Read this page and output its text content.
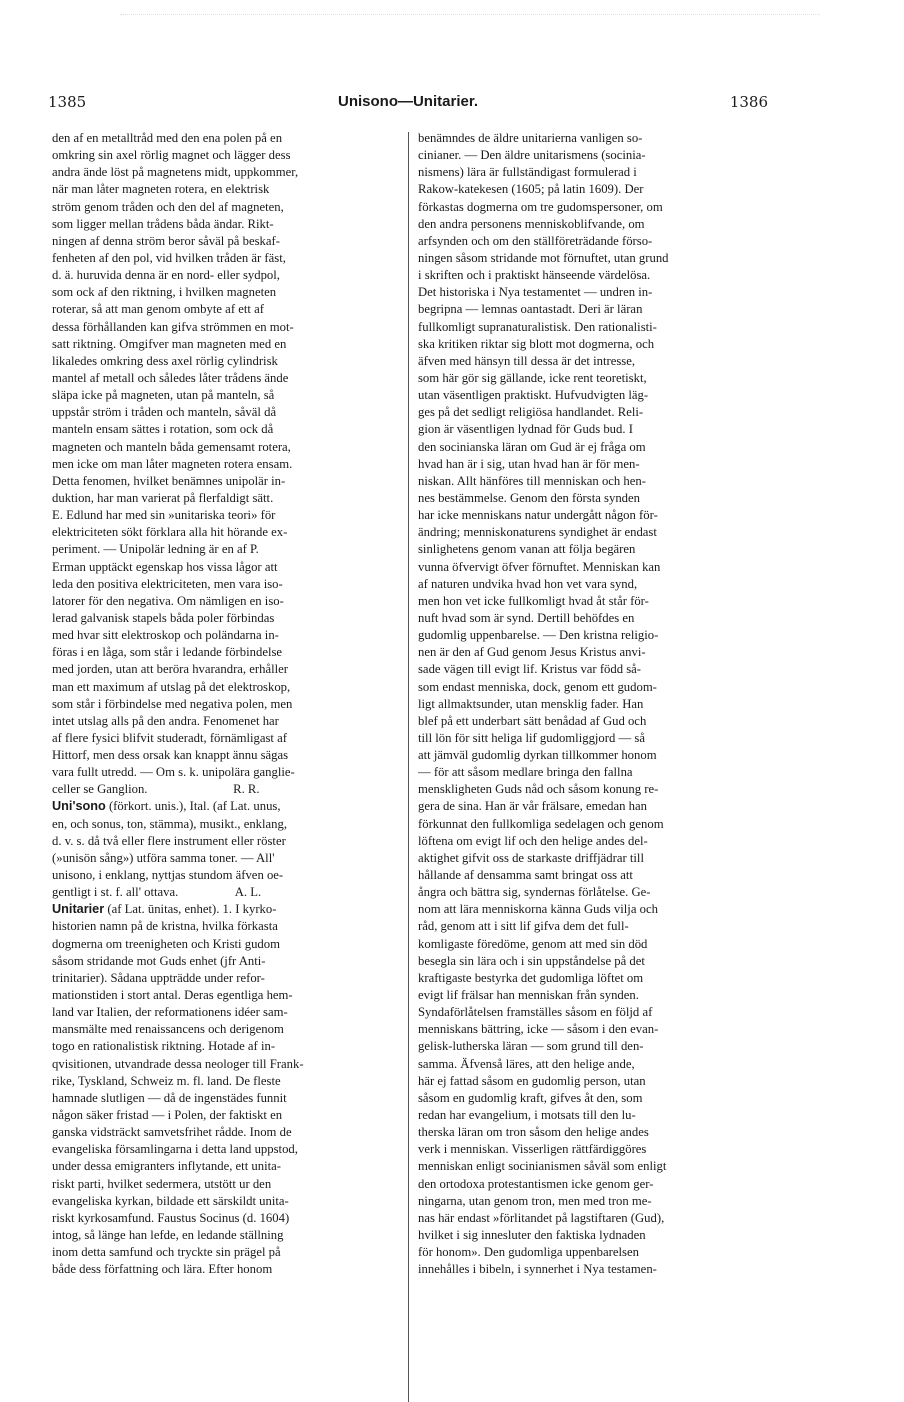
1385	Unisono—Unitarier.	1386
den af en metalltråd med den ena polen på en
omkring sin axel rörlig magnet och lägger dess
andra ände löst på magnetens midt, uppkommer,
när man låter magneten rotera, en elektrisk
ström genom tråden och den del af magneten,
som ligger mellan trådens båda ändar. Rikt-
ningen af denna ström beror såväl på beskaf-
fenheten af den pol, vid hvilken tråden är fäst,
d. ä. huruvida denna är en nord- eller sydpol,
som ock af den riktning, i hvilken magneten
roterar, så att man genom ombyte af ett af
dessa förhållanden kan gifva strömmen en mot-
satt riktning. Omgifver man magneten med en
likaledes omkring dess axel rörlig cylindrisk
mantel af metall och således låter trådens ände
släpa icke på magneten, utan på manteln, så
uppstår ström i tråden och manteln, såväl då
manteln ensam sättes i rotation, som ock då
magneten och manteln båda gemensamt rotera,
men icke om man låter magneten rotera ensam.
Detta fenomen, hvilket benämnes unipolär in-
duktion, har man varierat på flerfaldigt sätt.
E. Edlund har med sin »unitariska teori» för
elektriciteten sökt förklara alla hit hörande ex-
periment. — Unipolär ledning är en af P.
Erman upptäckt egenskap hos vissa lågor att
leda den positiva elektriciteten, men vara iso-
latorer för den negativa. Om nämligen en iso-
lerad galvanisk stapels båda poler förbindas
med hvar sitt elektroskop och poländarna in-
föras i en låga, som står i ledande förbindelse
med jorden, utan att beröra hvarandra, erhåller
man ett maximum af utslag på det elektroskop,
som står i förbindelse med negativa polen, men
intet utslag alls på den andra. Fenomenet har
af flere fysici blifvit studeradt, förnämligast af
Hittorf, men dess orsak kan knappt ännu sägas
vara fullt utredd. — Om s. k. unipolära ganglie-
celler se Ganglion.                           R. R.
Uni'sono (förkort. unis.), Ital. (af Lat. unus,
en, och sonus, ton, stämma), musikt., enklang,
d. v. s. då två eller flere instrument eller röster
(»unisön sång») utföra samma toner. — All'
unisono, i enklang, nyttjas stundom äfven oe-
gentligt i st. f. all' ottava.                  A. L.
Unitarier (af Lat. ūnitas, enhet). 1. I kyrko-
historien namn på de kristna, hvilka förkasta
dogmerna om treenigheten och Kristi gudom
såsom stridande mot Guds enhet (jfr Anti-
trinitarier). Sådana uppträdde under refor-
mationstiden i stort antal. Deras egentliga hem-
land var Italien, der reformationens idéer sam-
mansmälte med renaissancens och derigenom
togo en rationalistisk riktning. Hotade af in-
qvisitionen, utvandrade dessa neologer till Frank-
rike, Tyskland, Schweiz m. fl. land. De fleste
hamnade slutligen — då de ingenstädes funnit
någon säker fristad — i Polen, der faktiskt en
ganska vidsträckt samvetsfrihet rådde. Inom de
evangeliska församlingarna i detta land uppstod,
under dessa emigranters inflytande, ett unita-
riskt parti, hvilket sedermera, utstött ur den
evangeliska kyrkan, bildade ett särskildt unita-
riskt kyrkosamfund. Faustus Socinus (d. 1604)
intog, så länge han lefde, en ledande ställning
inom detta samfund och tryckte sin prägel på
både dess författning och lära. Efter honom
benämndes de äldre unitarierna vanligen so-
cinianer. — Den äldre unitarismens (socinia-
nismens) lära är fullständigast formulerad i
Rakow-katekesen (1605; på latin 1609). Der
förkastas dogmerna om tre gudomspersoner, om
den andra personens menniskoblifvande, om
arfsynden och om den ställföreträdande förso-
ningen såsom stridande mot förnuftet, utan grund
i skriften och i praktiskt hänseende värdelösa.
Det historiska i Nya testamentet — undren in-
begripna — lemnas oantastadt. Deri är läran
fullkomligt supranaturalistisk. Den rationalisti-
ska kritiken riktar sig blott mot dogmerna, och
äfven med hänsyn till dessa är det intresse,
som här gör sig gällande, icke rent teoretiskt,
utan väsentligen praktiskt. Hufvudvigten läg-
ges på det sedligt religiösa handlandet. Reli-
gion är väsentligen lydnad för Guds bud. I
den socinianska läran om Gud är ej fråga om
hvad han är i sig, utan hvad han är för men-
niskan. Allt hänföres till menniskan och hen-
nes bestämmelse. Genom den första synden
har icke menniskans natur undergått någon för-
ändring; menniskonaturens syndighet är endast
sinlighetens genom vanan att följa begären
vunna öfvervigt öfver förnuftet. Menniskan kan
af naturen undvika hvad hon vet vara synd,
men hon vet icke fullkomligt hvad åt står för-
nuft hvad som är synd. Dertill behöfdes en
gudomlig uppenbarelse. — Den kristna religio-
nen är den af Gud genom Jesus Kristus anvi-
sade vägen till evigt lif. Kristus var född så-
som endast menniska, dock, genom ett gudom-
ligt allmaktsunder, utan mensklig fader. Han
blef på ett underbart sätt benådad af Gud och
till lön för sitt heliga lif gudomliggjord — så
att jämväl gudomlig dyrkan tillkommer honom
— för att såsom medlare bringa den fallna
menskligheten Guds nåd och såsom konung re-
gera de sina. Han är vår frälsare, emedan han
förkunnat den fullkomliga sedelagen och genom
löftena om evigt lif och den helige andes del-
aktighet gifvit oss de starkaste driffjädrar till
hållande af densamma samt bringat oss att
ångra och bättra sig, syndernas förlåtelse. Ge-
nom att lära menniskorna känna Guds vilja och
råd, genom att i sitt lif gifva dem det full-
komligaste föredöme, genom att med sin död
besegla sin lära och i sin uppståndelse på det
kraftigaste bestyrka det gudomliga löftet om
evigt lif frälsar han menniskan från synden.
Syndaförlåtelsen framställes såsom en följd af
menniskans bättring, icke — såsom i den evan-
gelisk-lutherska läran — som grund till den-
samma. Äfvenså läres, att den helige ande,
här ej fattad såsom en gudomlig person, utan
såsom en gudomlig kraft, gifves åt den, som
redan har evangelium, i motsats till den lu-
therska läran om tron såsom den helige andes
verk i menniskan. Visserligen rättfärdiggöres
menniskan enligt socinianismen såväl som enligt
den ortodoxa protestantismen icke genom ger-
ningarna, utan genom tron, men med tron me-
nas här endast »förlitandet på lagstiftaren (Gud),
hvilket i sig innesluter den faktiska lydnaden
för honom». Den gudomliga uppenbarelsen
innehålles i bibeln, i synnerhet i Nya testamen-
